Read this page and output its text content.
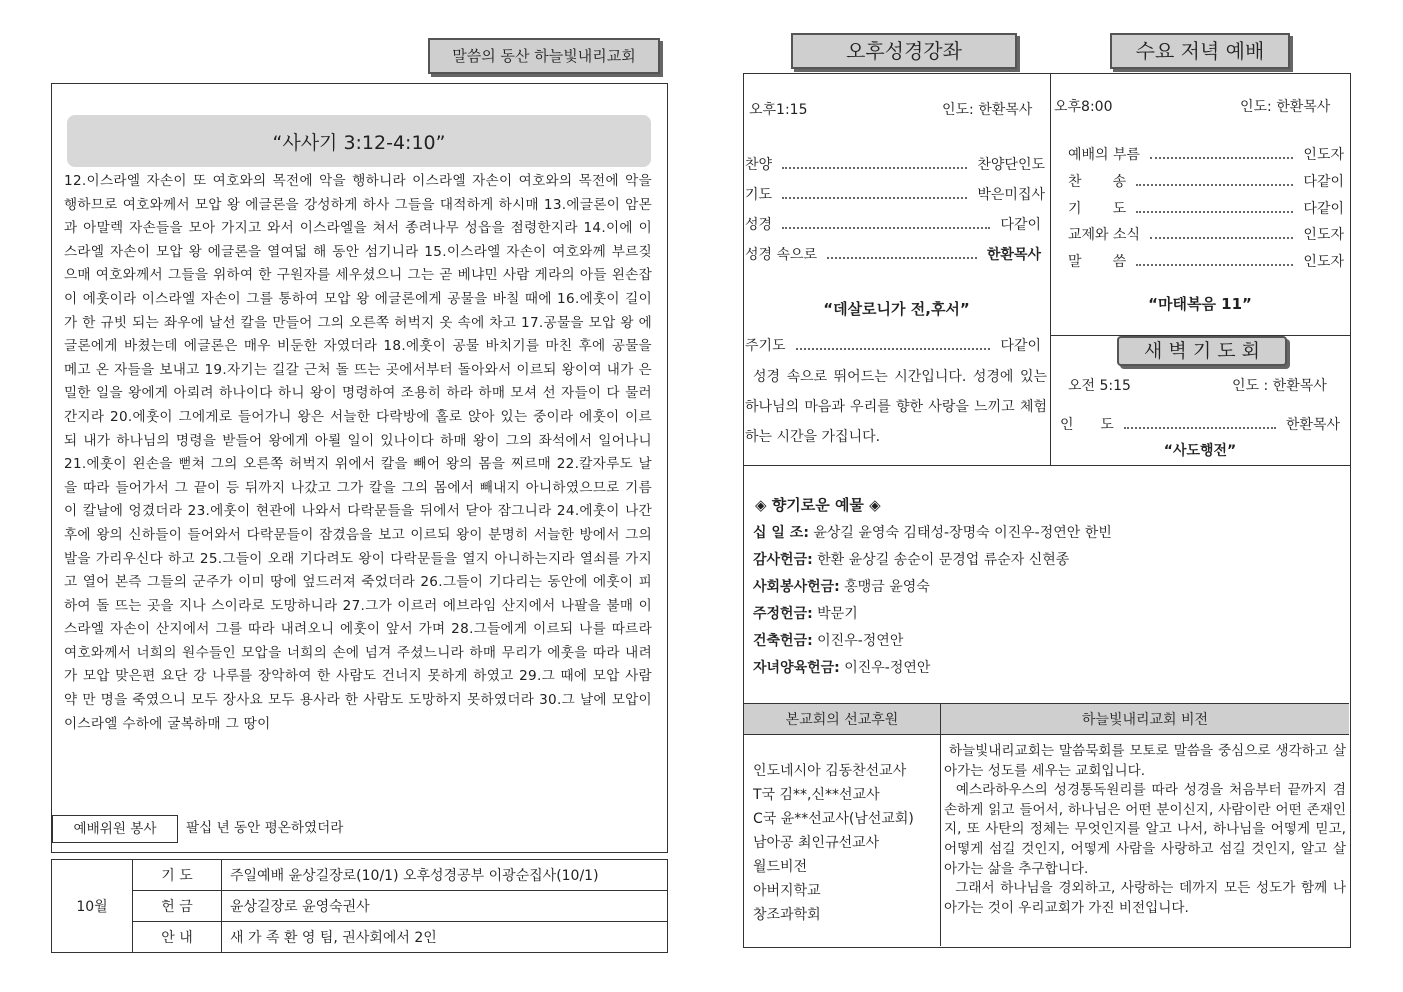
말씀의 동산 하늘빛내리교회
“사사기 3:12-4:10”
12.이스라엘 자손이 또 여호와의 목전에 악을 행하니라 이스라엘 자손이 여호와의 목전에 악을 행하므로 여호와께서 모압 왕 에글론을 강성하게 하사 그들을 대적하게 하시매 13.에글론이 암몬과 아말렉 자손들을 모아 가지고 와서 이스라엘을 쳐서 종려나무 성읍을 점령한지라 14.이에 이스라엘 자손이 모압 왕 에글론을 열여덟 해 동안 섬기니라 15.이스라엘 자손이 여호와께 부르짖으매 여호와께서 그들을 위하여 한 구원자를 세우셨으니 그는 곧 베냐민 사람 게라의 아들 왼손잡이 에훗이라 이스라엘 자손이 그를 통하여 모압 왕 에글론에게 공물을 바칠 때에 16.에훗이 길이가 한 규빗 되는 좌우에 날선 칼을 만들어 그의 오른쪽 허벅지 옷 속에 차고 17.공물을 모압 왕 에글론에게 바쳤는데 에글론은 매우 비둔한 자였더라 18.에훗이 공물 바치기를 마친 후에 공물을 메고 온 자들을 보내고 19.자기는 길갈 근처 돌 뜨는 곳에서부터 돌아와서 이르되 왕이여 내가 은밀한 일을 왕에게 아뢰려 하나이다 하니 왕이 명령하여 조용히 하라 하매 모셔 선 자들이 다 물러간지라 20.에훗이 그에게로 들어가니 왕은 서늘한 다락방에 홀로 앉아 있는 중이라 에훗이 이르되 내가 하나님의 명령을 받들어 왕에게 아뢸 일이 있나이다 하매 왕이 그의 좌석에서 일어나니 21.에훗이 왼손을 뻗쳐 그의 오른쪽 허벅지 위에서 칼을 빼어 왕의 몸을 찌르매 22.칼자루도 날을 따라 들어가서 그 끝이 등 뒤까지 나갔고 그가 칼을 그의 몸에서 빼내지 아니하였으므로 기름이 칼날에 엉겼더라 23.에훗이 현관에 나와서 다락문들을 뒤에서 닫아 잠그니라 24.에훗이 나간 후에 왕의 신하들이 들어와서 다락문들이 잠겼음을 보고 이르되 왕이 분명히 서늘한 방에서 그의 발을 가리우신다 하고 25.그들이 오래 기다려도 왕이 다락문들을 열지 아니하는지라 열쇠를 가지고 열어 본즉 그들의 군주가 이미 땅에 엎드러져 죽었더라 26.그들이 기다리는 동안에 에훗이 피하여 돌 뜨는 곳을 지나 스이라로 도망하니라 27.그가 이르러 에브라임 산지에서 나팔을 불매 이스라엘 자손이 산지에서 그를 따라 내려오니 에훗이 앞서 가며 28.그들에게 이르되 나를 따르라 여호와께서 너희의 원수들인 모압을 너희의 손에 넘겨 주셨느니라 하매 무리가 에훗을 따라 내려가 모압 맞은편 요단 강 나루를 장악하여 한 사람도 건너지 못하게 하였고 29.그 때에 모압 사람 약 만 명을 죽였으니 모두 장사요 모두 용사라 한 사람도 도망하지 못하였더라 30.그 날에 모압이 이스라엘 수하에 굴복하매 그 땅이
예배위원 봉사	팔십 년 동안 평온하였더라
10월	기 도	주일예배 윤상길장로(10/1) 오후성경공부 이광순집사(10/1)
	헌 금	윤상길장로 윤영숙권사
	안 내	새 가 족 환 영 팀, 권사회에서 2인
오후성경강좌	수요 저녁 예배
오후1:15	인도: 한환목사
찬양	찬양단인도
기도	박은미집사
성경	다같이
성경 속으로	한환목사
“데살로니가 전,후서”
주기도	다같이
성경 속으로 뛰어드는 시간입니다. 성경에 있는 하나님의 마음과 우리를 향한 사랑을 느끼고 체험하는 시간을 가집니다.
오후8:00	인도: 한환목사
예배의 부름	인도자
찬       송	다같이
기       도	다같이
교제와 소식	인도자
말       씀	인도자
“마태복음 11”
새 벽 기 도 회
오전 5:15	인도 : 한환목사
인      도	한환목사
“사도행전”
◈ 향기로운 예물 ◈
십 일 조: 윤상길 윤영숙 김태성-장명숙 이진우-정연안 한빈
감사헌금: 한환 윤상길 송순이 문경업 류순자 신현종
사회봉사헌금: 홍맹금 윤영숙
주정헌금: 박문기
건축헌금: 이진우-정연안
자녀양육헌금: 이진우-정연안
본교회의 선교후원	하늘빛내리교회 비전
인도네시아 김동찬선교사
T국 김**,신**선교사
C국 윤**선교사(남선교회)
남아공 최인규선교사
월드비전
아버지학교
창조과학회
하늘빛내리교회는 말씀묵회를 모토로 말씀을 중심으로 생각하고 살아가는 성도를 세우는 교회입니다.
예스라하우스의 성경통독원리를 따라 성경을 처음부터 끝까지 겸손하게 읽고 들어서, 하나님은 어떤 분이신지, 사람이란 어떤 존재인지, 또 사탄의 정체는 무엇인지를 알고 나서, 하나님을 어떻게 믿고, 어떻게 섬길 것인지, 어떻게 사람을 사랑하고 섬길 것인지, 알고 살아가는 삶을 추구합니다.
그래서 하나님을 경외하고, 사랑하는 데까지 모든 성도가 함께 나아가는 것이 우리교회가 가진 비전입니다.
